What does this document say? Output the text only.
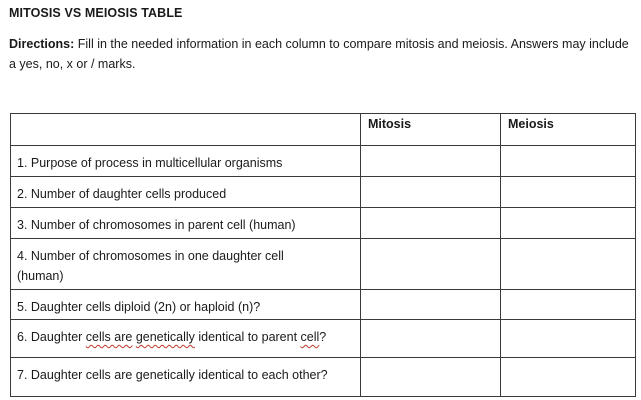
MITOSIS VS MEIOSIS TABLE
Directions: Fill in the needed information in each column to compare mitosis and meiosis. Answers may include a yes, no, x or / marks.
	Mitosis	Meiosis
1. Purpose of process in multicellular organisms		
2. Number of daughter cells produced		
3. Number of chromosomes in parent cell (human)		

4. Number of chromosomes in one daughter cell (human)		

5. Daughter cells diploid (2n) or haploid (n)?		
6. Daughter cells are genetically identical to parent cell?		
7. Daughter cells are genetically identical to each other?		
